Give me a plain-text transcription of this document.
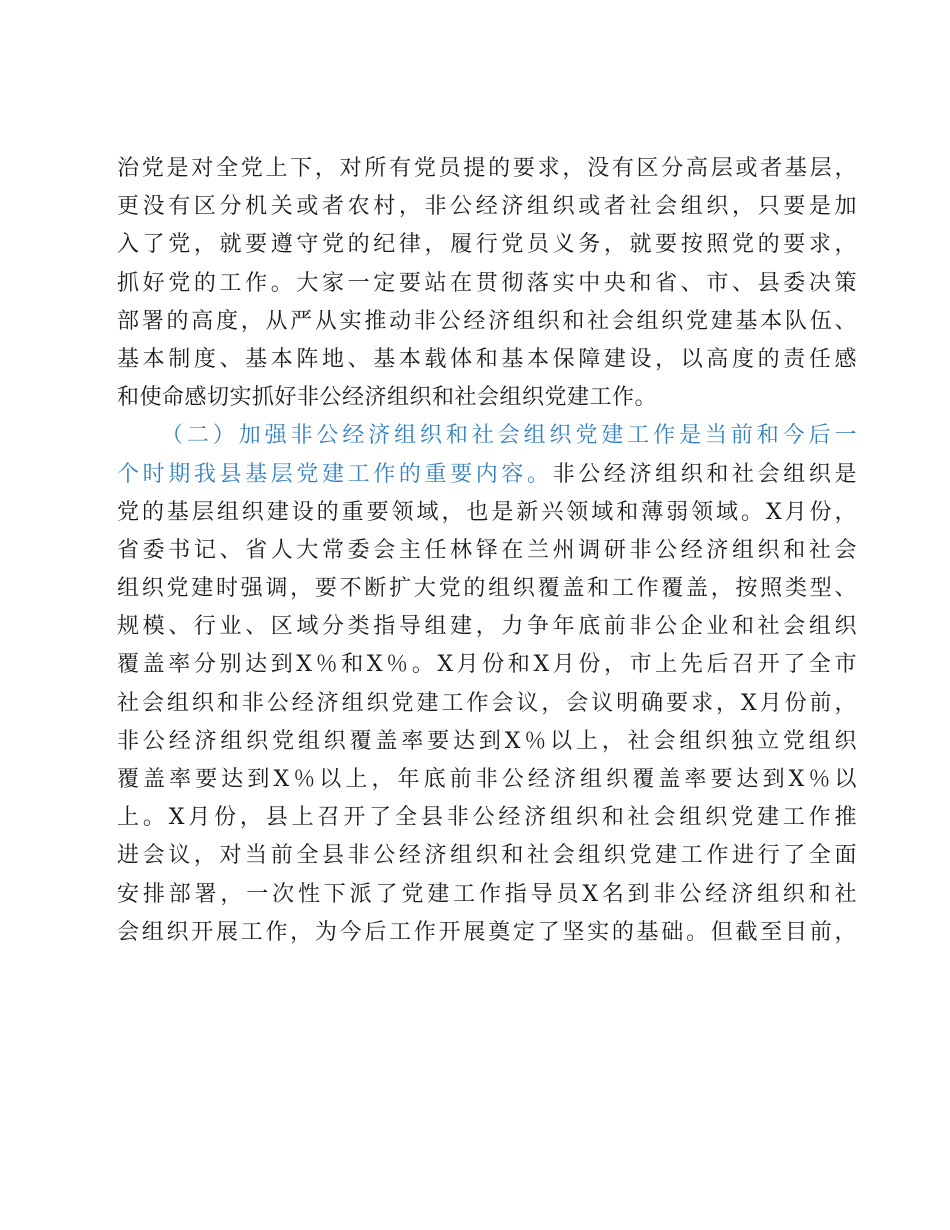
治党是对全党上下，对所有党员提的要求，没有区分高层或者基层，
更没有区分机关或者农村，非公经济组织或者社会组织，只要是加
入了党，就要遵守党的纪律，履行党员义务，就要按照党的要求，
抓好党的工作。大家一定要站在贯彻落实中央和省、市、县委决策
部署的高度，从严从实推动非公经济组织和社会组织党建基本队伍、
基本制度、基本阵地、基本载体和基本保障建设，以高度的责任感
和使命感切实抓好非公经济组织和社会组织党建工作。
（二）加强非公经济组织和社会组织党建工作是当前和今后一
个时期我县基层党建工作的重要内容。非公经济组织和社会组织是
党的基层组织建设的重要领域，也是新兴领域和薄弱领域。X月份，
省委书记、省人大常委会主任林铎在兰州调研非公经济组织和社会
组织党建时强调，要不断扩大党的组织覆盖和工作覆盖，按照类型、
规模、行业、区域分类指导组建，力争年底前非公企业和社会组织
覆盖率分别达到X％和X％。X月份和X月份，市上先后召开了全市
社会组织和非公经济组织党建工作会议，会议明确要求，X月份前，
非公经济组织党组织覆盖率要达到X％以上，社会组织独立党组织
覆盖率要达到X％以上，年底前非公经济组织覆盖率要达到X％以
上。X月份，县上召开了全县非公经济组织和社会组织党建工作推
进会议，对当前全县非公经济组织和社会组织党建工作进行了全面
安排部署，一次性下派了党建工作指导员X名到非公经济组织和社
会组织开展工作，为今后工作开展奠定了坚实的基础。但截至目前，
